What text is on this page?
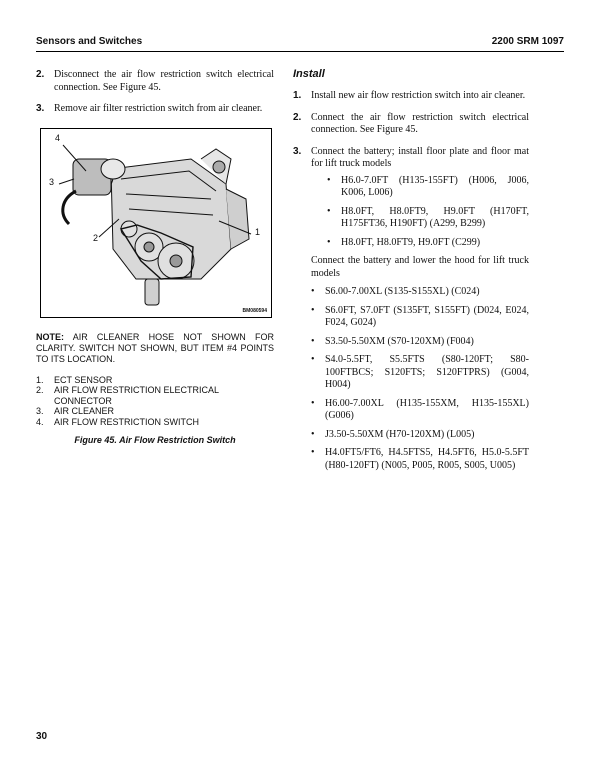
Sensors and Switches	2200 SRM 1097
2. Disconnect the air flow restriction switch electrical connection. See Figure 45.
3. Remove air filter restriction switch from air cleaner.
4
3
2
1
BM080594
NOTE: AIR CLEANER HOSE NOT SHOWN FOR CLARITY. SWITCH NOT SHOWN, BUT ITEM #4 POINTS TO ITS LOCATION.
1. ECT SENSOR
2. AIR FLOW RESTRICTION ELECTRICAL CONNECTOR
3. AIR CLEANER
4. AIR FLOW RESTRICTION SWITCH
Figure 45. Air Flow Restriction Switch
Install
1. Install new air flow restriction switch into air cleaner.
2. Connect the air flow restriction switch electrical connection. See Figure 45.
3. Connect the battery; install floor plate and floor mat for lift truck models
• H6.0-7.0FT (H135-155FT) (H006, J006, K006, L006)
• H8.0FT, H8.0FT9, H9.0FT (H170FT, H175FT36, H190FT) (A299, B299)
• H8.0FT, H8.0FT9, H9.0FT (C299)
Connect the battery and lower the hood for lift truck models
• S6.00-7.00XL (S135-S155XL) (C024)
• S6.0FT, S7.0FT (S135FT, S155FT) (D024, E024, F024, G024)
• S3.50-5.50XM (S70-120XM) (F004)
• S4.0-5.5FT, S5.5FTS (S80-120FT; S80-100FTBCS; S120FTS; S120FTPRS) (G004, H004)
• H6.00-7.00XL (H135-155XM, H135-155XL) (G006)
• J3.50-5.50XM (H70-120XM) (L005)
• H4.0FT5/FT6, H4.5FTS5, H4.5FT6, H5.0-5.5FT (H80-120FT) (N005, P005, R005, S005, U005)
30
